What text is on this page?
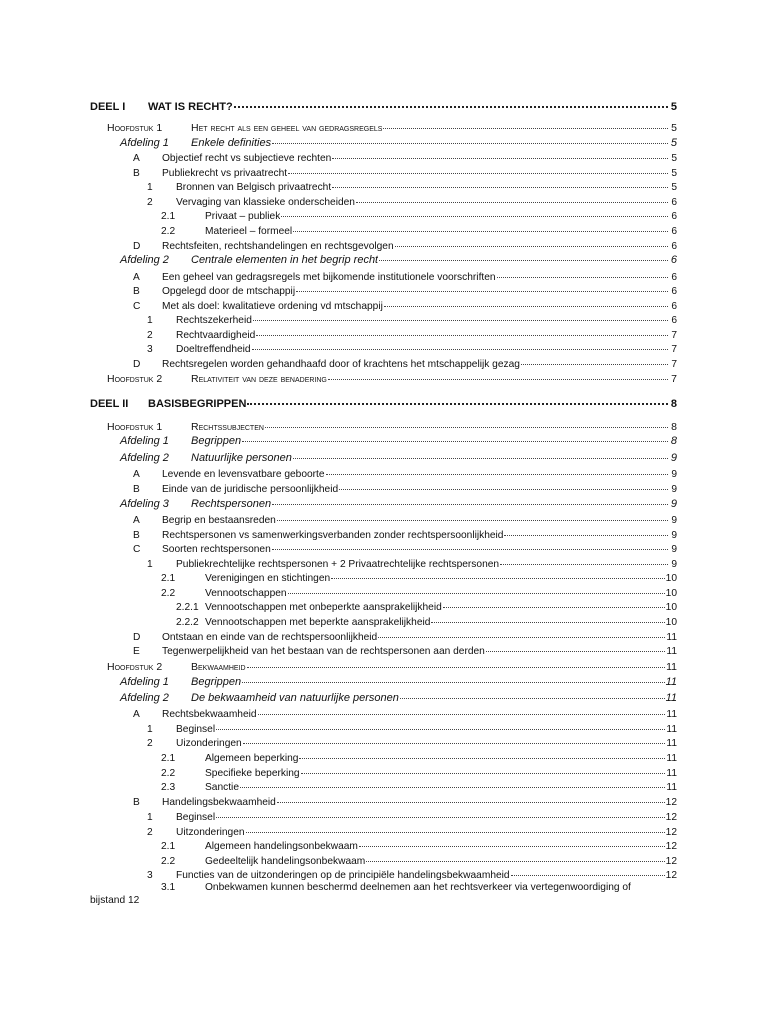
DEEL I	WAT IS RECHT?	5
Hoofdstuk 1	Het recht als een geheel van gedragsregels	5
Afdeling 1	Enkele definities	5
A	Objectief recht vs subjectieve rechten	5
B	Publiekrecht vs privaatrecht	5
1	Bronnen van Belgisch privaatrecht	5
2	Vervaging van klassieke onderscheiden	6
2.1	Privaat – publiek	6
2.2	Materieel – formeel	6
D	Rechtsfeiten, rechtshandelingen en rechtsgevolgen	6
Afdeling 2	Centrale elementen in het begrip recht	6
A	Een geheel van gedragsregels met bijkomende institutionele voorschriften	6
B	Opgelegd door de mtschappij	6
C	Met als doel: kwalitatieve ordening vd mtschappij	6
1	Rechtszekerheid	6
2	Rechtvaardigheid	7
3	Doeltreffendheid	7
D	Rechtsregelen worden gehandhaafd door of krachtens het mtschappelijk gezag	7
Hoofdstuk 2	Relativiteit van deze benadering	7
DEEL II	BASISBEGRIPPEN	8
Hoofdstuk 1	Rechtssubjecten	8
Afdeling 1	Begrippen	8
Afdeling 2	Natuurlijke personen	9
A	Levende en levensvatbare geboorte	9
B	Einde van de juridische persoonlijkheid	9
Afdeling 3	Rechtspersonen	9
A	Begrip en bestaansreden	9
B	Rechtspersonen vs samenwerkingsverbanden zonder rechtspersoonlijkheid	9
C	Soorten rechtspersonen	9
1	Publiekrechtelijke rechtspersonen + 2 Privaatrechtelijke rechtspersonen	9
2.1	Verenigingen en stichtingen	10
2.2	Vennootschappen	10
2.2.1 Vennootschappen met onbeperkte aansprakelijkheid	10
2.2.2 Vennootschappen met beperkte aansprakelijkheid	10
D	Ontstaan en einde van de rechtspersoonlijkheid	11
E	Tegenwerpelijkheid van het bestaan van de rechtspersonen aan derden	11
Hoofdstuk 2	Bekwaamheid	11
Afdeling 1	Begrippen	11
Afdeling 2	De bekwaamheid van natuurlijke personen	11
A	Rechtsbekwaamheid	11
1	Beginsel	11
2	Uizonderingen	11
2.1	Algemeen beperking	11
2.2	Specifieke beperking	11
2.3	Sanctie	11
B	Handelingsbekwaamheid	12
1	Beginsel	12
2	Uitzonderingen	12
2.1	Algemeen handelingsonbekwaam	12
2.2	Gedeeltelijk handelingsonbekwaam	12
3	Functies van de uitzonderingen op de principiële handelingsbekwaamheid	12
3.1	Onbekwamen kunnen beschermd deelnemen aan het rechtsverkeer via vertegenwoordiging of
bijstand 12
